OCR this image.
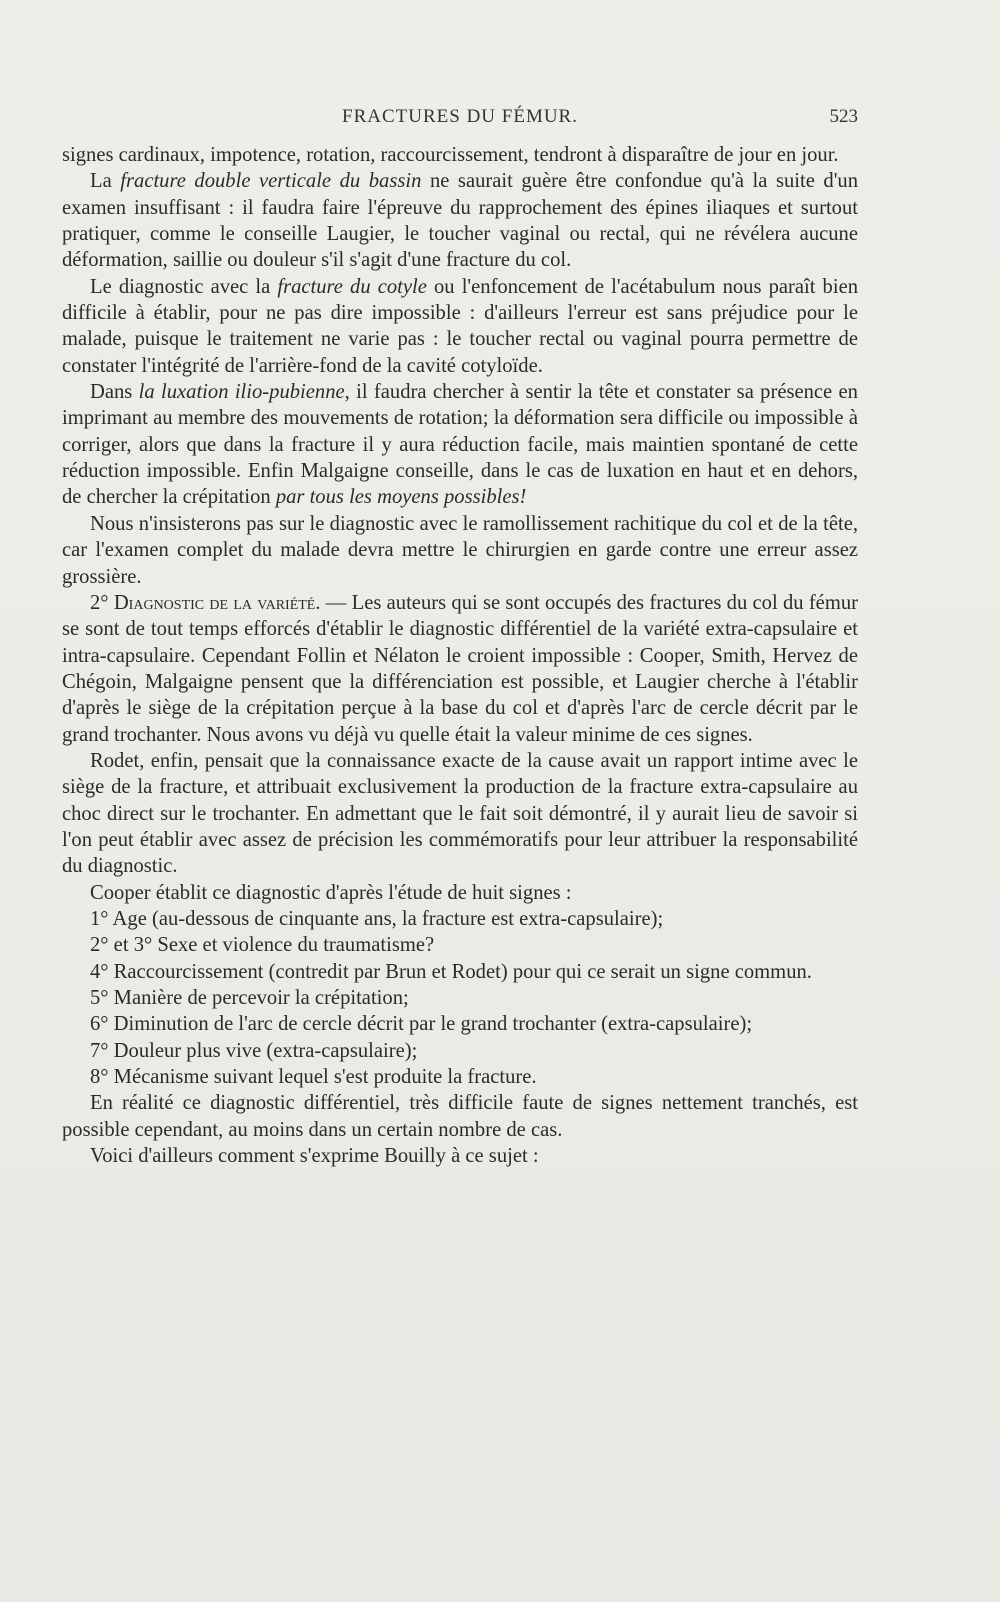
FRACTURES DU FÉMUR.	523

signes cardinaux, impotence, rotation, raccourcissement, tendront à disparaître de jour en jour.

La fracture double verticale du bassin ne saurait guère être confondue qu'à la suite d'un examen insuffisant : il faudra faire l'épreuve du rapprochement des épines iliaques et surtout pratiquer, comme le conseille Laugier, le toucher vaginal ou rectal, qui ne révélera aucune déformation, saillie ou douleur s'il s'agit d'une fracture du col.

Le diagnostic avec la fracture du cotyle ou l'enfoncement de l'acétabulum nous paraît bien difficile à établir, pour ne pas dire impossible : d'ailleurs l'erreur est sans préjudice pour le malade, puisque le traitement ne varie pas : le toucher rectal ou vaginal pourra permettre de constater l'intégrité de l'arrière-fond de la cavité cotyloïde.

Dans la luxation ilio-pubienne, il faudra chercher à sentir la tête et constater sa présence en imprimant au membre des mouvements de rotation; la déformation sera difficile ou impossible à corriger, alors que dans la fracture il y aura réduction facile, mais maintien spontané de cette réduction impossible. Enfin Malgaigne conseille, dans le cas de luxation en haut et en dehors, de chercher la crépitation par tous les moyens possibles!

Nous n'insisterons pas sur le diagnostic avec le ramollissement rachitique du col et de la tête, car l'examen complet du malade devra mettre le chirurgien en garde contre une erreur assez grossière.

2° Diagnostic de la variété. — Les auteurs qui se sont occupés des fractures du col du fémur se sont de tout temps efforcés d'établir le diagnostic différentiel de la variété extra-capsulaire et intra-capsulaire. Cependant Follin et Nélaton le croient impossible : Cooper, Smith, Hervez de Chégoin, Malgaigne pensent que la différenciation est possible, et Laugier cherche à l'établir d'après le siège de la crépitation perçue à la base du col et d'après l'arc de cercle décrit par le grand trochanter. Nous avons vu déjà vu quelle était la valeur minime de ces signes.

Rodet, enfin, pensait que la connaissance exacte de la cause avait un rapport intime avec le siège de la fracture, et attribuait exclusivement la production de la fracture extra-capsulaire au choc direct sur le trochanter. En admettant que le fait soit démontré, il y aurait lieu de savoir si l'on peut établir avec assez de précision les commémoratifs pour leur attribuer la responsabilité du diagnostic.

Cooper établit ce diagnostic d'après l'étude de huit signes :

1° Age (au-dessous de cinquante ans, la fracture est extra-capsulaire);

2° et 3° Sexe et violence du traumatisme?

4° Raccourcissement (contredit par Brun et Rodet) pour qui ce serait un signe commun.

5° Manière de percevoir la crépitation;

6° Diminution de l'arc de cercle décrit par le grand trochanter (extra-capsulaire);

7° Douleur plus vive (extra-capsulaire);

8° Mécanisme suivant lequel s'est produite la fracture.

En réalité ce diagnostic différentiel, très difficile faute de signes nettement tranchés, est possible cependant, au moins dans un certain nombre de cas.

Voici d'ailleurs comment s'exprime Bouilly à ce sujet :
